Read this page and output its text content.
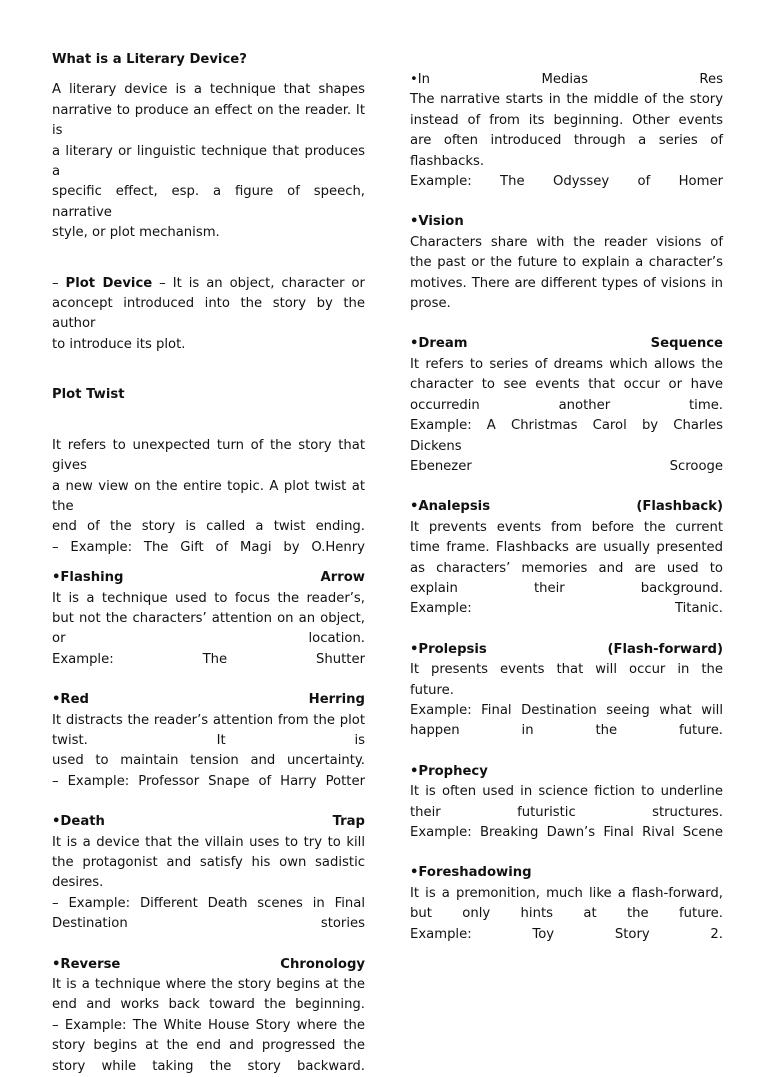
What is a Literary Device?

A literary device is a technique that shapes

narrative to produce an effect on the reader. It is

a literary or linguistic technique that produces a

specific effect, esp. a figure of speech, narrative

style, or plot mechanism.

– Plot Device – It is an object, character or

aconcept introduced into the story by the author

to introduce its plot.

Plot Twist

It refers to unexpected turn of the story that gives

a new view on the entire topic. A plot twist at the

end of the story is called a twist ending.

– Example: The Gift of Magi by O.Henry

•Flashing	Arrow

It is a technique used to focus the reader’s,

but not the characters’ attention on an object,

or location.

Example: The Shutter

•Red	Herring

It distracts the reader’s attention from the plot

twist. It is

used to maintain tension and uncertainty.

– Example: Professor Snape of Harry Potter

•Death	Trap

It is a device that the villain uses to try to kill

the protagonist and satisfy his own sadistic

desires.

– Example: Different Death scenes in Final

Destination stories

•Reverse	Chronology

It is a technique where the story begins at the

end and works back toward the beginning.

– Example: The White House Story where the

story begins at the end and progressed the

story while taking the story backward.

•In Medias Res

The narrative starts in the middle of the story

instead of from its beginning. Other events

are often introduced through a series of

flashbacks.

Example: The Odyssey of Homer

•Vision

Characters share with the reader visions of

the past or the future to explain a character’s

motives. There are different types of visions in

prose.

•Dream	Sequence

It refers to series of dreams which allows the

character to see events that occur or have

occurredin another time.

Example: A Christmas Carol by Charles Dickens

Ebenezer Scrooge

•Analepsis	(Flashback)

It prevents events from before the current

time frame. Flashbacks are usually presented

as characters’ memories and are used to

explain their background.

Example: Titanic.

•Prolepsis	(Flash-forward)

It presents events that will occur in the

future.

Example: Final Destination seeing what will

happen in the future.

•Prophecy

It is often used in science fiction to underline

their futuristic structures.

Example: Breaking Dawn’s Final Rival Scene

•Foreshadowing

It is a premonition, much like a flash-forward,

but only hints at the future.

Example: Toy Story 2.
